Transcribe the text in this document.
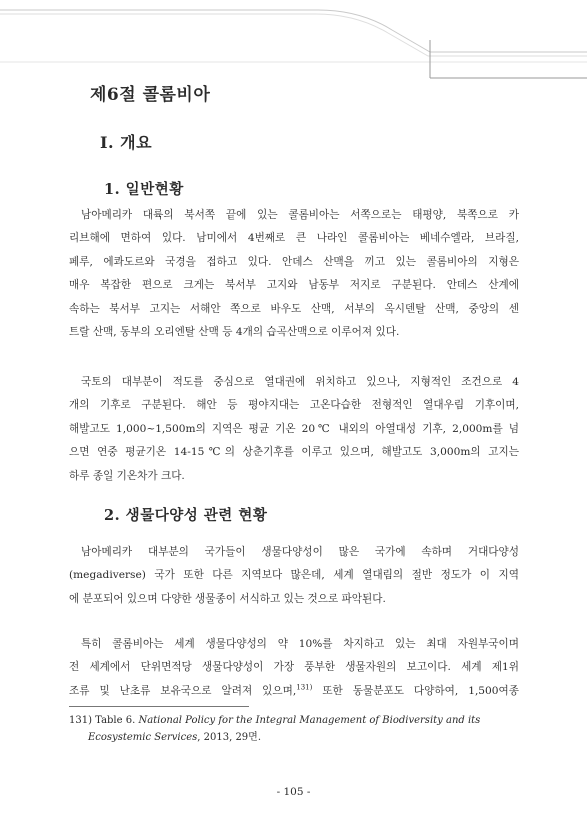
제6절 콜롬비아
I. 개요
1. 일반현황

남아메리카 대륙의 북서쪽 끝에 있는 콜롬비아는 서쪽으로는 태평양, 북쪽으로 카
리브해에 면하여 있다. 남미에서 4번째로 큰 나라인 콜롬비아는 베네수엘라, 브라질,
페루, 에콰도르와 국경을 접하고 있다. 안데스 산맥을 끼고 있는 콜롬비아의 지형은
매우 복잡한 편으로 크게는 북서부 고지와 남동부 저지로 구분된다. 안데스 산계에
속하는 북서부 고지는 서해안 쪽으로 바우도 산맥, 서부의 옥시덴탈 산맥, 중앙의 센
트랄 산맥, 동부의 오리엔탈 산맥 등 4개의 습곡산맥으로 이루어져 있다.

국토의 대부분이 적도를 중심으로 열대권에 위치하고 있으나, 지형적인 조건으로 4
개의 기후로 구분된다. 해안 등 평야지대는 고온다습한 전형적인 열대우림 기후이며,
해발고도 1,000~1,500m의 지역은 평균 기온 20℃ 내외의 아열대성 기후, 2,000m를 넘
으면 연중 평균기온 14-15℃의 상춘기후를 이루고 있으며, 해발고도 3,000m의 고지는
하루 종일 기온차가 크다.

2. 생물다양성 관련 현황

남아메리카 대부분의 국가들이 생물다양성이 많은 국가에 속하며 거대다양성
(megadiverse) 국가 또한 다른 지역보다 많은데, 세계 열대림의 절반 정도가 이 지역
에 분포되어 있으며 다양한 생물종이 서식하고 있는 것으로 파악된다.

특히 콜롬비아는 세계 생물다양성의 약 10%를 차지하고 있는 최대 자원부국이며
전 세계에서 단위면적당 생물다양성이 가장 풍부한 생물자원의 보고이다. 세계 제1위
조류 및 난초류 보유국으로 알려져 있으며,$^{131)}$ 또한 동물분포도 다양하여, 1,500여종

131) Table 6. National Policy for the Integral Management of Biodiversity and its
Ecosystemic Services, 2013, 29면.
- 105 -
